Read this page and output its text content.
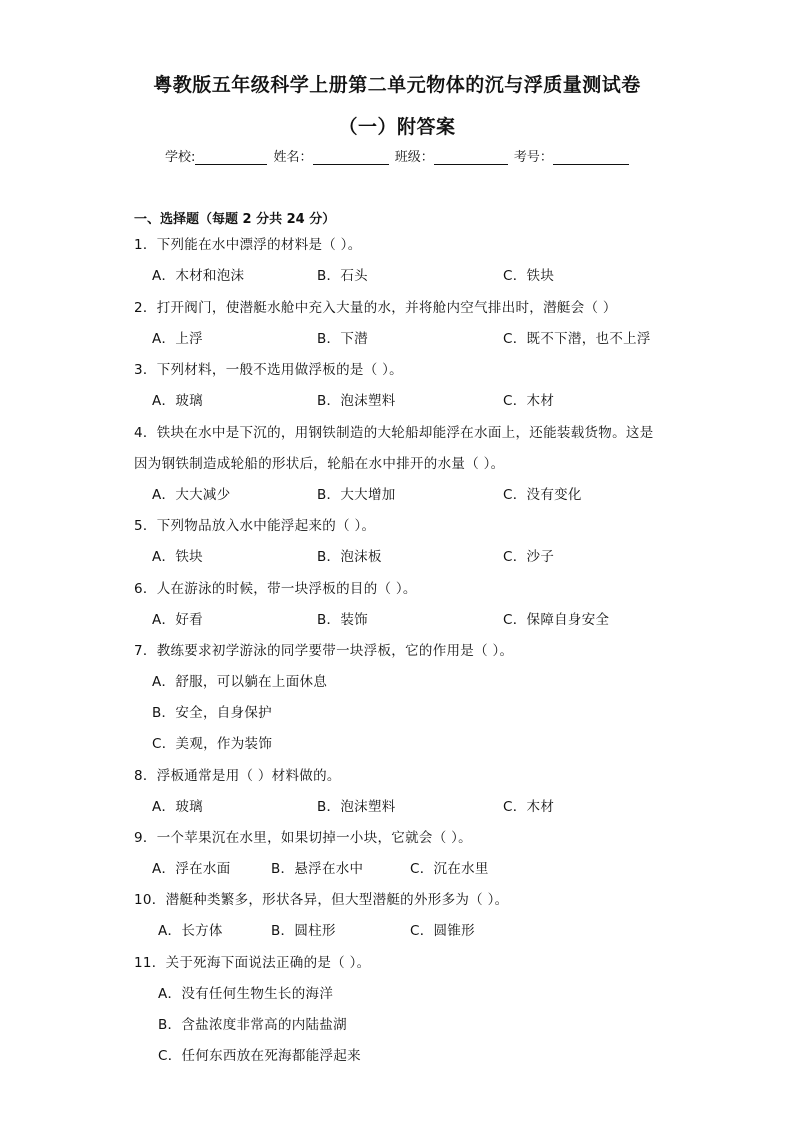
粤教版五年级科学上册第二单元物体的沉与浮质量测试卷
（一）附答案
学校:	姓名：	班级：	考号：
一、选择题（每题 2 分共 24 分）
1．下列能在水中漂浮的材料是（ ）。
A．木材和泡沫	B．石头	C．铁块
2．打开阀门，使潜艇水舱中充入大量的水，并将舱内空气排出时，潜艇会（ ）
A．上浮	B．下潜	C．既不下潜，也不上浮
3．下列材料，一般不选用做浮板的是（ ）。
A．玻璃	B．泡沫塑料	C．木材
4．铁块在水中是下沉的，用钢铁制造的大轮船却能浮在水面上，还能装载货物。这是
因为钢铁制造成轮船的形状后，轮船在水中排开的水量（ ）。
A．大大减少	B．大大增加	C．没有变化
5．下列物品放入水中能浮起来的（ ）。
A．铁块	B．泡沫板	C．沙子
6．人在游泳的时候，带一块浮板的目的（ ）。
A．好看	B．装饰	C．保障自身安全
7．教练要求初学游泳的同学要带一块浮板，它的作用是（ ）。
A．舒服，可以躺在上面休息
B．安全，自身保护
C．美观，作为装饰
8．浮板通常是用（ ）材料做的。
A．玻璃	B．泡沫塑料	C．木材
9．一个苹果沉在水里，如果切掉一小块，它就会（ ）。
A．浮在水面	B．悬浮在水中	C．沉在水里
10．潜艇种类繁多，形状各异，但大型潜艇的外形多为（ ）。
A．长方体	B．圆柱形	C．圆锥形
11．关于死海下面说法正确的是（ ）。
A．没有任何生物生长的海洋
B．含盐浓度非常高的内陆盐湖
C．任何东西放在死海都能浮起来
